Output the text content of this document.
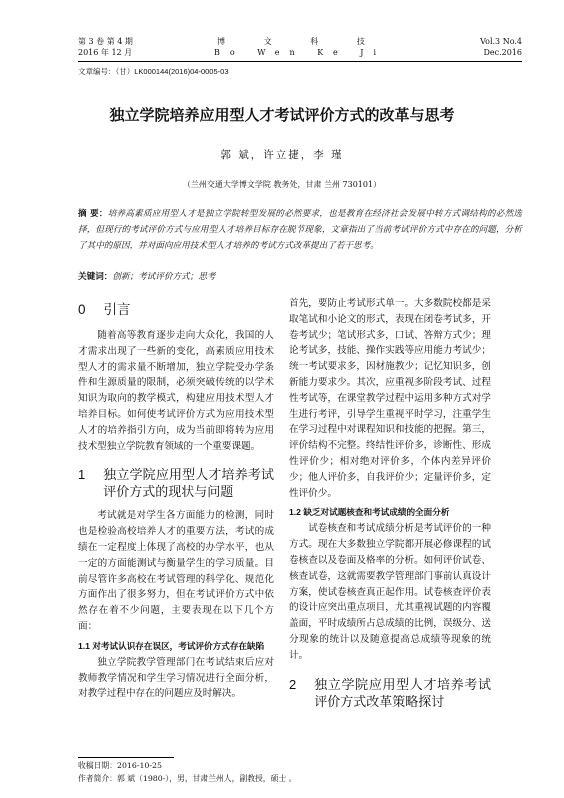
第 3 卷 第 4 期
2016 年 12 月
博 文 科 技
Bo Wen Ke Ji
Vol.3 No.4
Dec.2016
文章编号：（甘）LK000144(2016)04-0005-03
独立学院培养应用型人才考试评价方式的改革与思考
郭 斌，许立捷，李 瑾
（兰州交通大学博文学院 教务处，甘肃 兰州 730101）
摘 要：培养高素质应用型人才是独立学院转型发展的必然要求，也是教育在经济社会发展中转方式调结构的必然选择，但现行的考试评价方式与应用型人才培养目标存在脱节现象，文章指出了当前考试评价方式中存在的问题，分析了其中的原因，并对面向应用技术型人才培养的考试方式改革提出了若干思考。
关键词：创新；考试评价方式；思考
0 引言

随着高等教育逐步走向大众化，我国的人才需求出现了一些新的变化，高素质应用技术型人才的需求量不断增加，独立学院受办学条件和生源质量的限制，必须突破传统的以学术知识为取向的教学模式，构建应用技术型人才培养目标。如何使考试评价方式为应用技术型人才的培养指引方向，成为当前即将转为应用技术型独立学院教育领域的一个重要课题。

1 独立学院应用型人才培养考试评价方式的现状与问题

考试就是对学生各方面能力的检测，同时也是检验高校培养人才的重要方法，考试的成绩在一定程度上体现了高校的办学水平，也从一定的方面能测试与衡量学生的学习质量。目前尽管许多高校在考试管理的科学化、规范化方面作出了很多努力，但在考试评价方式中依然存在着不少问题，主要表现在以下几个方面：

1.1 对考试认识存在误区，考试评价方式存在缺陷

独立学院教学管理部门在考试结束后应对教师教学情况和学生学习情况进行全面分析，对教学过程中存在的问题应及时解决。

首先，要防止考试形式单一。大多数院校都是采取笔试和小论文的形式，表现在闭卷考试多，开卷考试少；笔试形式多，口试、答辩方式少；理论考试多，技能、操作实践等应用能力考试少；统一考试要求多，因材施教少；记忆知识多，创新能力要求少。其次，应重视多阶段考试、过程性考试等，在课堂教学过程中运用多种方式对学生进行考评，引导学生重视平时学习，注重学生在学习过程中对课程知识和技能的把握。第三，评价结构不完整。终结性评价多，诊断性、形成性评价少；相对绝对评价多，个体内差异评价少；他人评价多，自我评价少；定量评价多，定性评价少。

1.2 缺乏对试题核查和考试成绩的全面分析

试卷核查和考试成绩分析是考试评价的一种方式。现在大多数独立学院都开展必修课程的试卷核查以及卷面及格率的分析。如何评价试卷、核查试卷，这就需要教学管理部门事前认真设计方案，使试卷核查真正起作用。试卷核查评价表的设计应突出重点项目，尤其重视试题的内容覆盖面，平时成绩所占总成绩的比例，误级分、送分现象的统计以及随意提高总成绩等现象的统计。

2 独立学院应用型人才培养考试评价方式改革策略探讨
收稿日期：2016-10-25
作者简介：郭 斌（1980-），男，甘肃兰州人，副教授，硕士 。
